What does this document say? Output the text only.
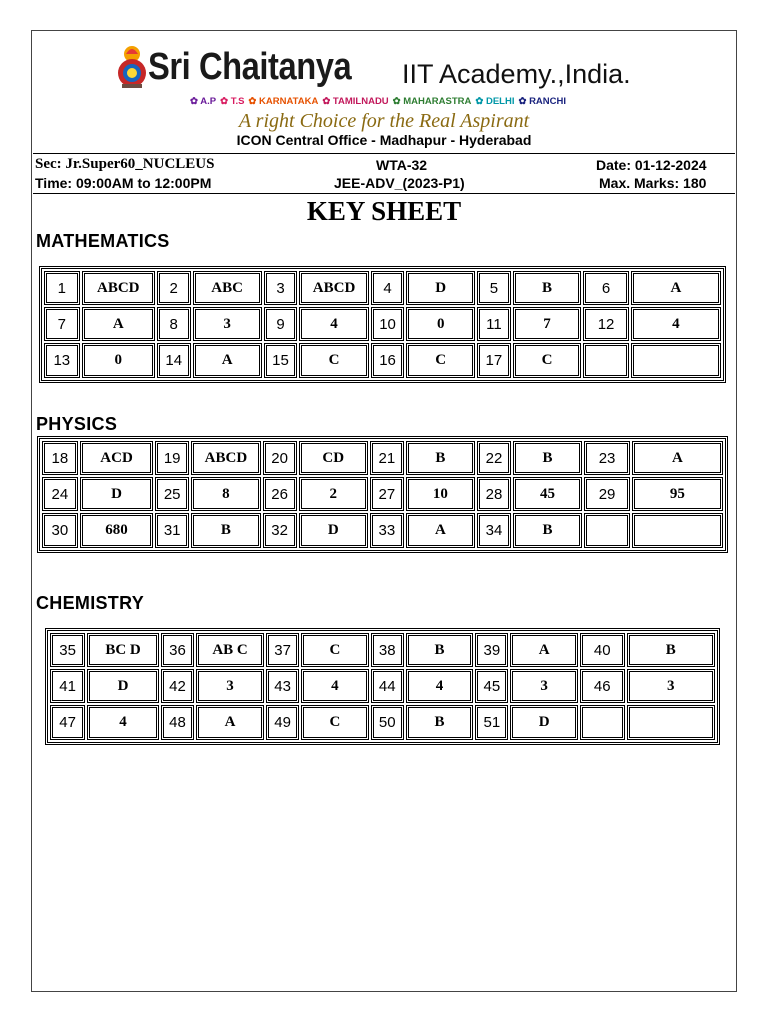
Sri Chaitanya	IIT Academy.,India.
✿ A.P ✿ T.S ✿ KARNATAKA ✿ TAMILNADU ✿ MAHARASTRA ✿ DELHI ✿ RANCHI
A right Choice for the Real Aspirant
ICON Central Office - Madhapur - Hyderabad
Sec: Jr.Super60_NUCLEUS	WTA-32	Date: 01-12-2024
Time: 09:00AM to 12:00PM	JEE-ADV_(2023-P1)	Max. Marks: 180
KEY SHEET
MATHEMATICS
1	ABCD	2	ABC	3	ABCD	4	D	5	B	6	A
7	A	8	3	9	4	10	0	11	7	12	4
13	0	14	A	15	C	16	C	17	C		
PHYSICS
18	ACD	19	ABCD	20	CD	21	B	22	B	23	A
24	D	25	8	26	2	27	10	28	45	29	95
30	680	31	B	32	D	33	A	34	B		
CHEMISTRY
35	BC D	36	AB C	37	C	38	B	39	A	40	B
41	D	42	3	43	4	44	4	45	3	46	3
47	4	48	A	49	C	50	B	51	D		
